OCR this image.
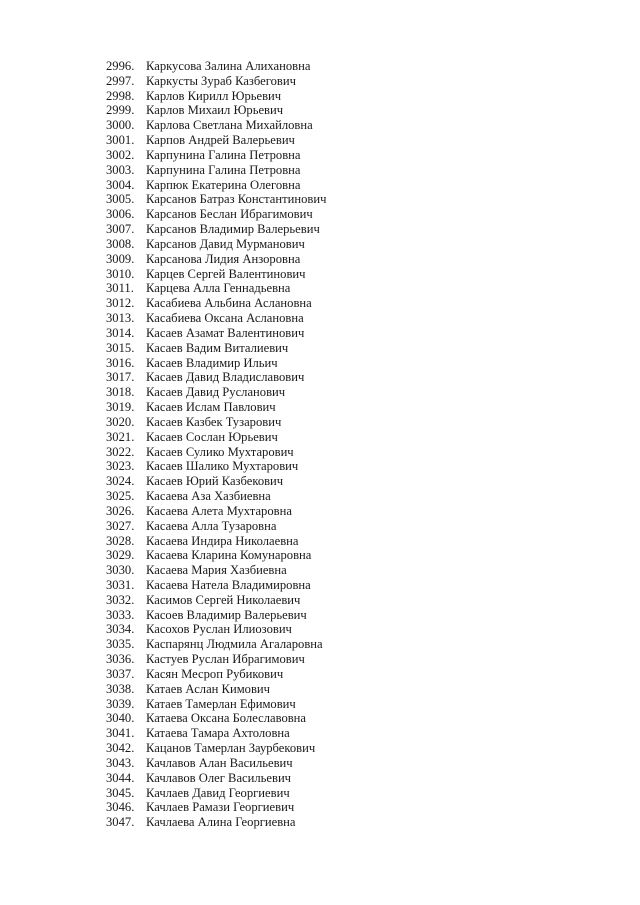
2996. Каркусова Залина Алихановна
2997. Каркусты Зураб Казбегович
2998. Карлов Кирилл Юрьевич
2999. Карлов Михаил Юрьевич
3000. Карлова Светлана Михайловна
3001. Карпов Андрей Валерьевич
3002. Карпунина Галина Петровна
3003. Карпунина Галина Петровна
3004. Карпюк Екатерина Олеговна
3005. Карсанов Батраз Константинович
3006. Карсанов Беслан Ибрагимович
3007. Карсанов Владимир Валерьевич
3008. Карсанов Давид Мурманович
3009. Карсанова Лидия Анзоровна
3010. Карцев Сергей Валентинович
3011. Карцева Алла Геннадьевна
3012. Касабиева Альбина Аслановна
3013. Касабиева Оксана Аслановна
3014. Касаев Азамат Валентинович
3015. Касаев Вадим Виталиевич
3016. Касаев Владимир Ильич
3017. Касаев Давид Владиславович
3018. Касаев Давид Русланович
3019. Касаев Ислам Павлович
3020. Касаев Казбек Тузарович
3021. Касаев Сослан Юрьевич
3022. Касаев Сулико Мухтарович
3023. Касаев Шалико Мухтарович
3024. Касаев Юрий Казбекович
3025. Касаева Аза Хазбиевна
3026. Касаева Алета Мухтаровна
3027. Касаева Алла Тузаровна
3028. Касаева Индира Николаевна
3029. Касаева Кларина Комунаровна
3030. Касаева Мария Хазбиевна
3031. Касаева Натела Владимировна
3032. Касимов Сергей Николаевич
3033. Касоев Владимир Валерьевич
3034. Касохов Руслан Илиозович
3035. Каспарянц Людмила Агаларовна
3036. Кастуев Руслан Ибрагимович
3037. Касян Месроп Рубикович
3038. Катаев Аслан Кимович
3039. Катаев Тамерлан Ефимович
3040. Катаева Оксана Болеславовна
3041. Катаева Тамара Ахтоловна
3042. Кацанов Тамерлан Заурбекович
3043. Качлавов Алан Васильевич
3044. Качлавов Олег Васильевич
3045. Качлаев Давид Георгиевич
3046. Качлаев Рамази Георгиевич
3047. Качлаева Алина Георгиевна
